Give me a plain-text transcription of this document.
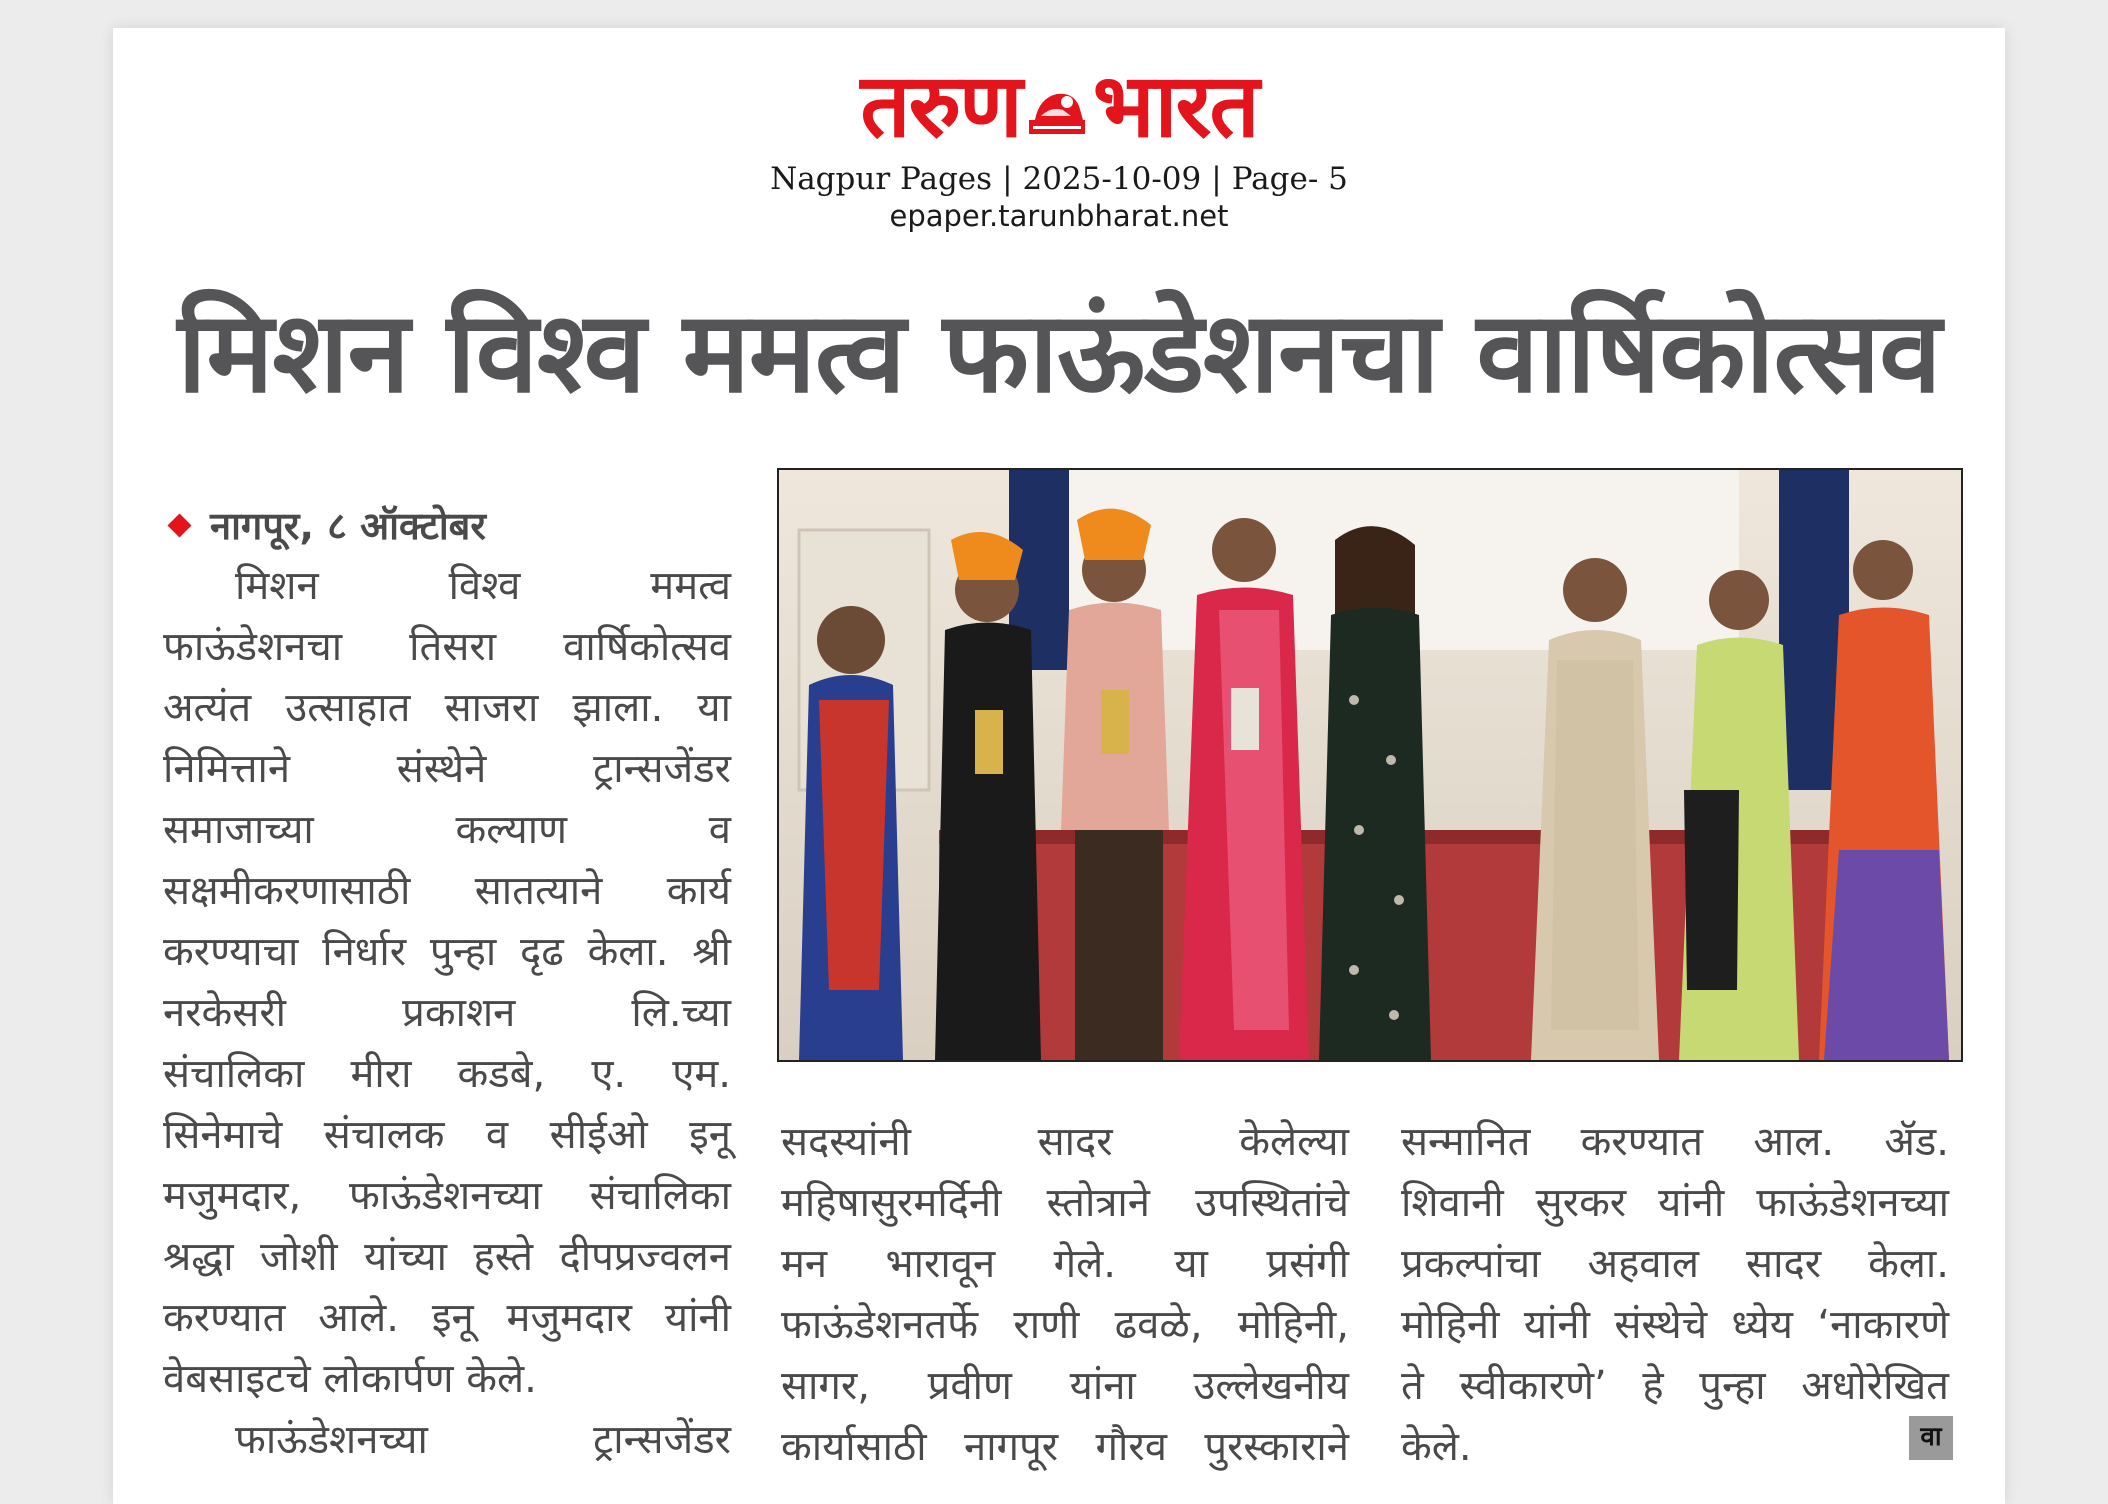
तरुण भारत
Nagpur Pages | 2025-10-09 | Page- 5
epaper.tarunbharat.net
मिशन विश्व ममत्व फाऊंडेशनचा वार्षिकोत्सव
नागपूर, ८ ऑक्टोबर

मिशन विश्व ममत्व

फाऊंडेशनचा तिसरा वार्षिकोत्सव

अत्यंत उत्साहात साजरा झाला. या

निमित्ताने संस्थेने ट्रान्सजेंडर

समाजाच्या कल्याण व

सक्षमीकरणासाठी सातत्याने कार्य

करण्याचा निर्धार पुन्हा दृढ केला. श्री

नरकेसरी प्रकाशन लि.च्या

संचालिका मीरा कडबे, ए. एम.

सिनेमाचे संचालक व सीईओ इनू

मजुमदार, फाऊंडेशनच्या संचालिका

श्रद्धा जोशी यांच्या हस्ते दीपप्रज्वलन

करण्यात आले. इनू मजुमदार यांनी

वेबसाइटचे लोकार्पण केले.

फाऊंडेशनच्या ट्रान्सजेंडर

सदस्यांनी सादर केलेल्या

महिषासुरमर्दिनी स्तोत्राने उपस्थितांचे

मन भारावून गेले. या प्रसंगी

फाऊंडेशनतर्फे राणी ढवळे, मोहिनी,

सागर, प्रवीण यांना उल्लेखनीय

कार्यासाठी नागपूर गौरव पुरस्काराने

सन्मानित करण्यात आल. ॲड.

शिवानी सुरकर यांनी फाऊंडेशनच्या

प्रकल्पांचा अहवाल सादर केला.

मोहिनी यांनी संस्थेचे ध्येय ‘नाकारणे

ते स्वीकारणे’ हे पुन्हा अधोरेखित

केले.	वा
